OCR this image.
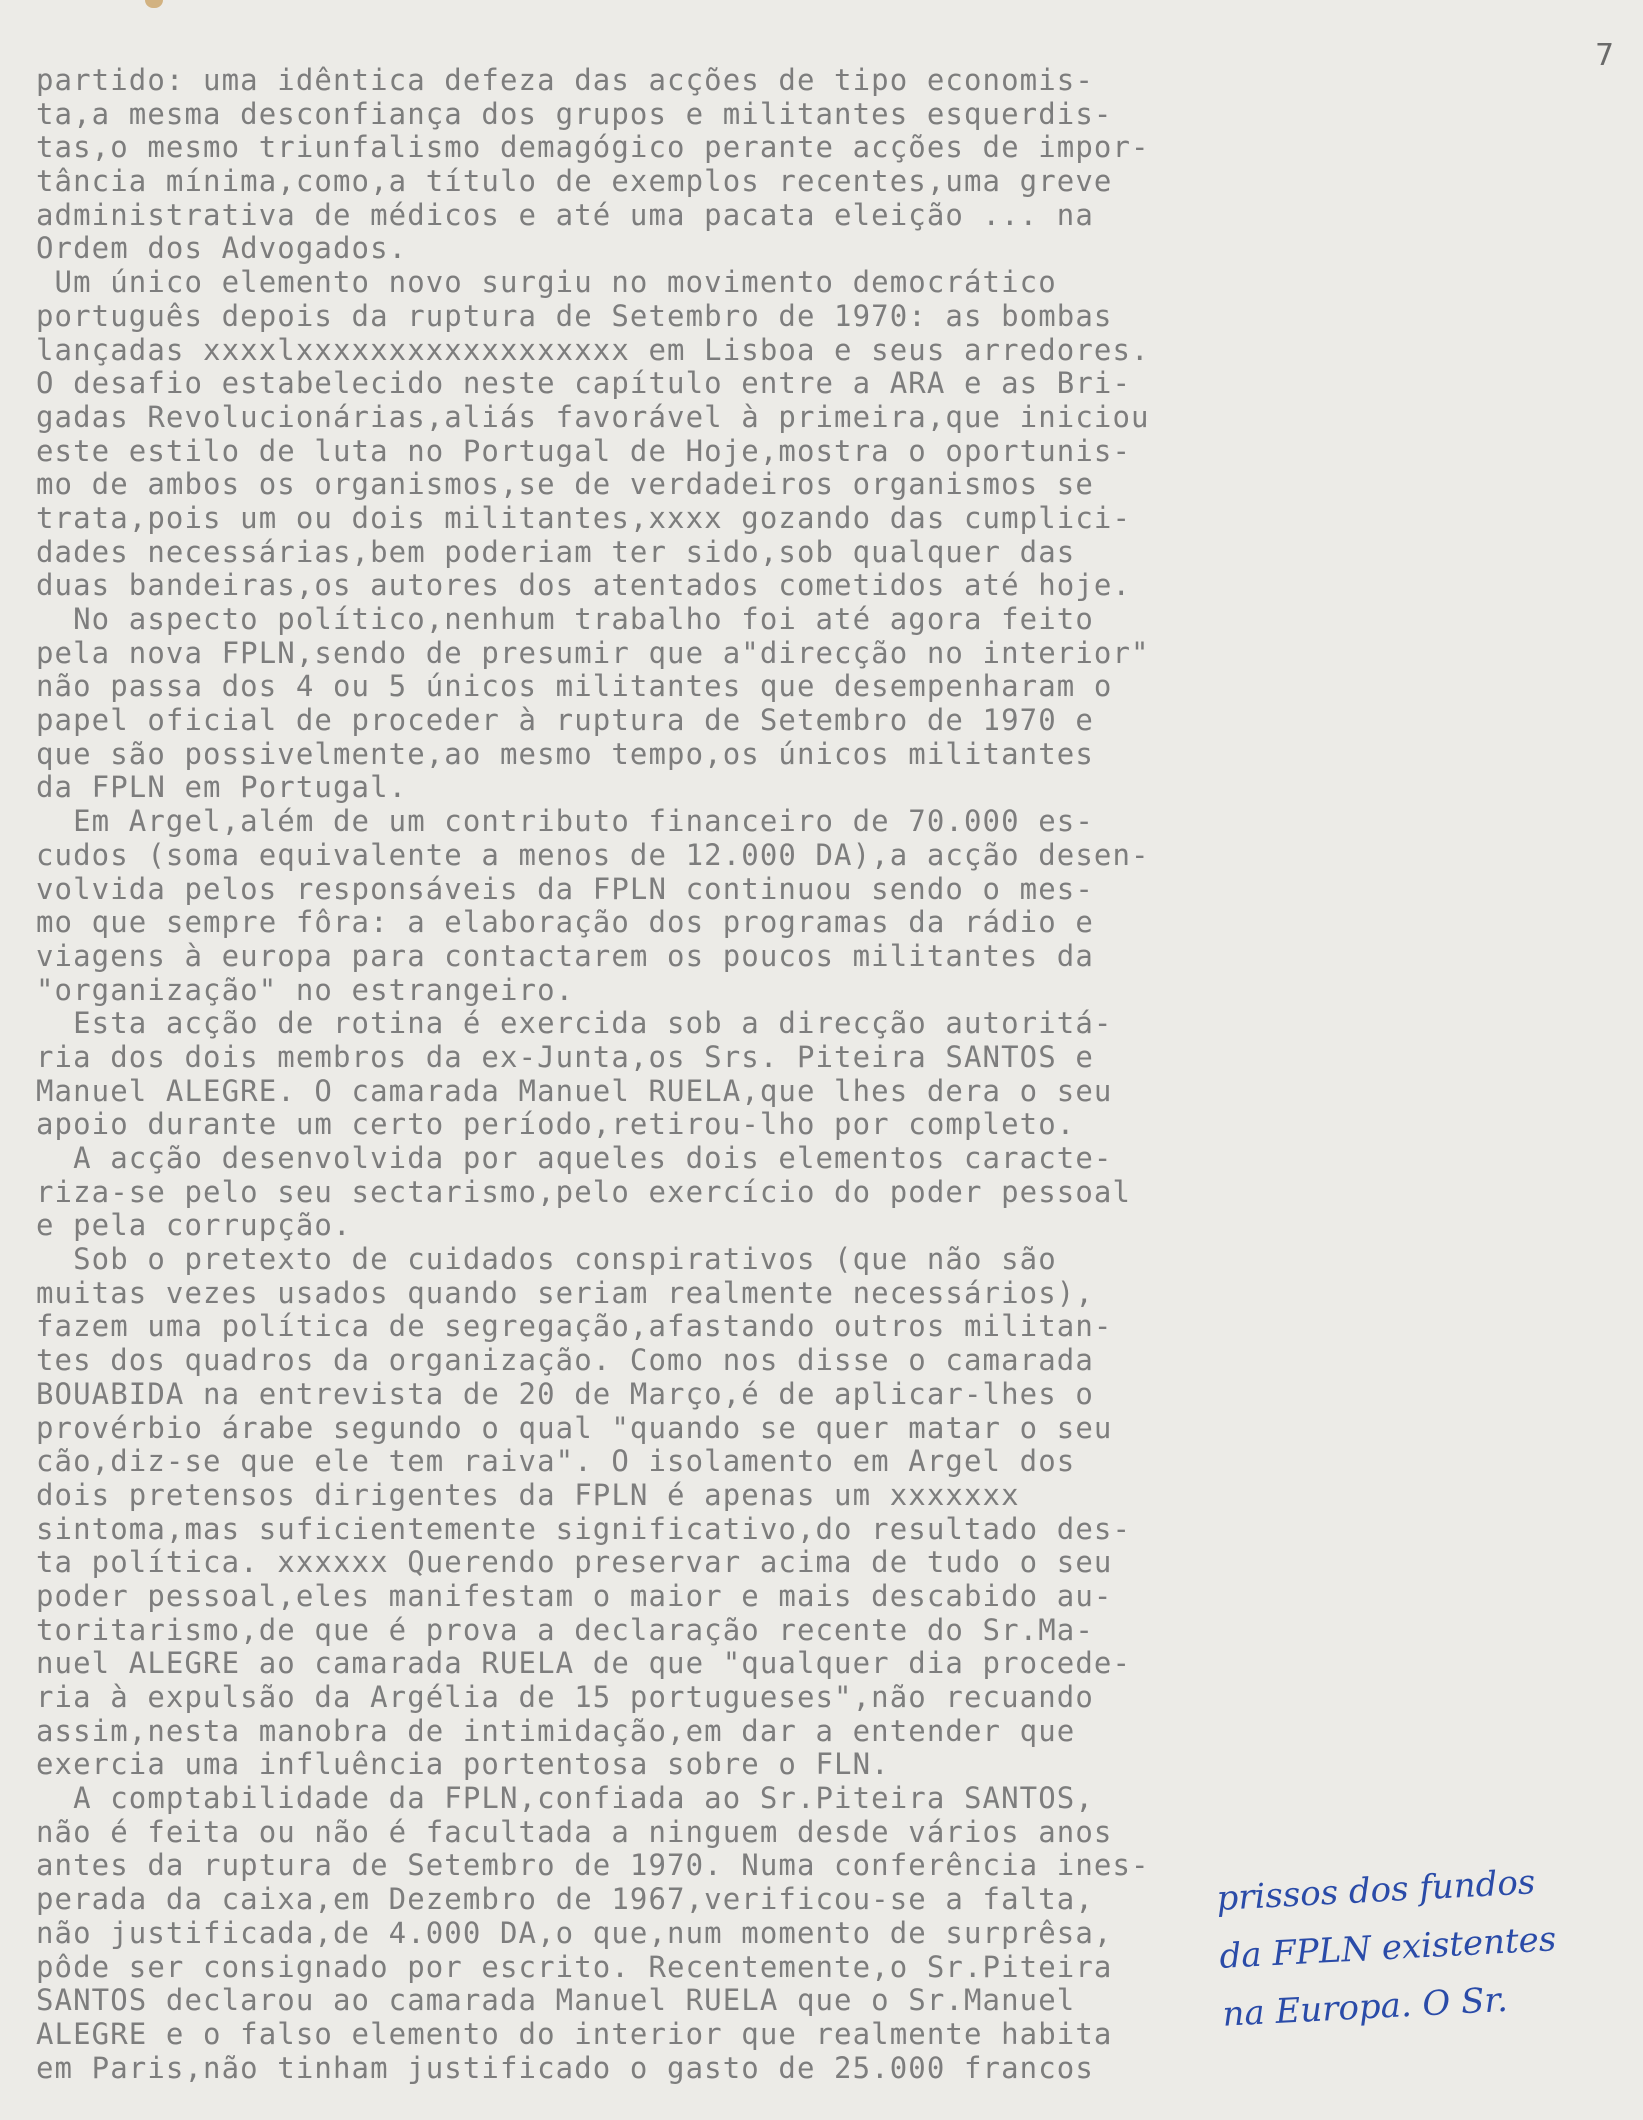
7
partido: uma idêntica defeza das acções de tipo economis-
ta,a mesma desconfiança dos grupos e militantes esquerdis-
tas,o mesmo triunfalismo demagógico perante acções de impor-
tância mínima,como,a título de exemplos recentes,uma greve
administrativa de médicos e até uma pacata eleição ... na
Ordem dos Advogados.
Um único elemento novo surgiu no movimento democrático
português depois da ruptura de Setembro de 1970: as bombas
lançadas xxxxlxxxxxxxxxxxxxxxxxx em Lisboa e seus arredores.
O desafio estabelecido neste capítulo entre a ARA e as Bri-
gadas Revolucionárias,aliás favorável à primeira,que iniciou
este estilo de luta no Portugal de Hoje,mostra o oportunis-
mo de ambos os organismos,se de verdadeiros organismos se
trata,pois um ou dois militantes,xxxx gozando das cumplici-
dades necessárias,bem poderiam ter sido,sob qualquer das
duas bandeiras,os autores dos atentados cometidos até hoje.
No aspecto político,nenhum trabalho foi até agora feito
pela nova FPLN,sendo de presumir que a"direcção no interior"
não passa dos 4 ou 5 únicos militantes que desempenharam o
papel oficial de proceder à ruptura de Setembro de 1970 e
que são possivelmente,ao mesmo tempo,os únicos militantes
da FPLN em Portugal.
Em Argel,além de um contributo financeiro de 70.000 es-
cudos (soma equivalente a menos de 12.000 DA),a acção desen-
volvida pelos responsáveis da FPLN continuou sendo o mes-
mo que sempre fôra: a elaboração dos programas da rádio e
viagens à europa para contactarem os poucos militantes da
"organização" no estrangeiro.
Esta acção de rotina é exercida sob a direcção autoritá-
ria dos dois membros da ex-Junta,os Srs. Piteira SANTOS e
Manuel ALEGRE. O camarada Manuel RUELA,que lhes dera o seu
apoio durante um certo período,retirou-lho por completo.
A acção desenvolvida por aqueles dois elementos caracte-
riza-se pelo seu sectarismo,pelo exercício do poder pessoal
e pela corrupção.
Sob o pretexto de cuidados conspirativos (que não são
muitas vezes usados quando seriam realmente necessários),
fazem uma política de segregação,afastando outros militan-
tes dos quadros da organização. Como nos disse o camarada
BOUABIDA na entrevista de 20 de Março,é de aplicar-lhes o
provérbio árabe segundo o qual "quando se quer matar o seu
cão,diz-se que ele tem raiva". O isolamento em Argel dos
dois pretensos dirigentes da FPLN é apenas um xxxxxxx
sintoma,mas suficientemente significativo,do resultado des-
ta política. xxxxxx Querendo preservar acima de tudo o seu
poder pessoal,eles manifestam o maior e mais descabido au-
toritarismo,de que é prova a declaração recente do Sr.Ma-
nuel ALEGRE ao camarada RUELA de que "qualquer dia procede-
ria à expulsão da Argélia de 15 portugueses",não recuando
assim,nesta manobra de intimidação,em dar a entender que
exercia uma influência portentosa sobre o FLN.
A comptabilidade da FPLN,confiada ao Sr.Piteira SANTOS,
não é feita ou não é facultada a ninguem desde vários anos
antes da ruptura de Setembro de 1970. Numa conferência ines-
perada da caixa,em Dezembro de 1967,verificou-se a falta,
não justificada,de 4.000 DA,o que,num momento de surprêsa,
pôde ser consignado por escrito. Recentemente,o Sr.Piteira
SANTOS declarou ao camarada Manuel RUELA que o Sr.Manuel
ALEGRE e o falso elemento do interior que realmente habita
em Paris,não tinham justificado o gasto de 25.000 francos
prissos dos fundos
da FPLN existentes
na Europa. O Sr.
